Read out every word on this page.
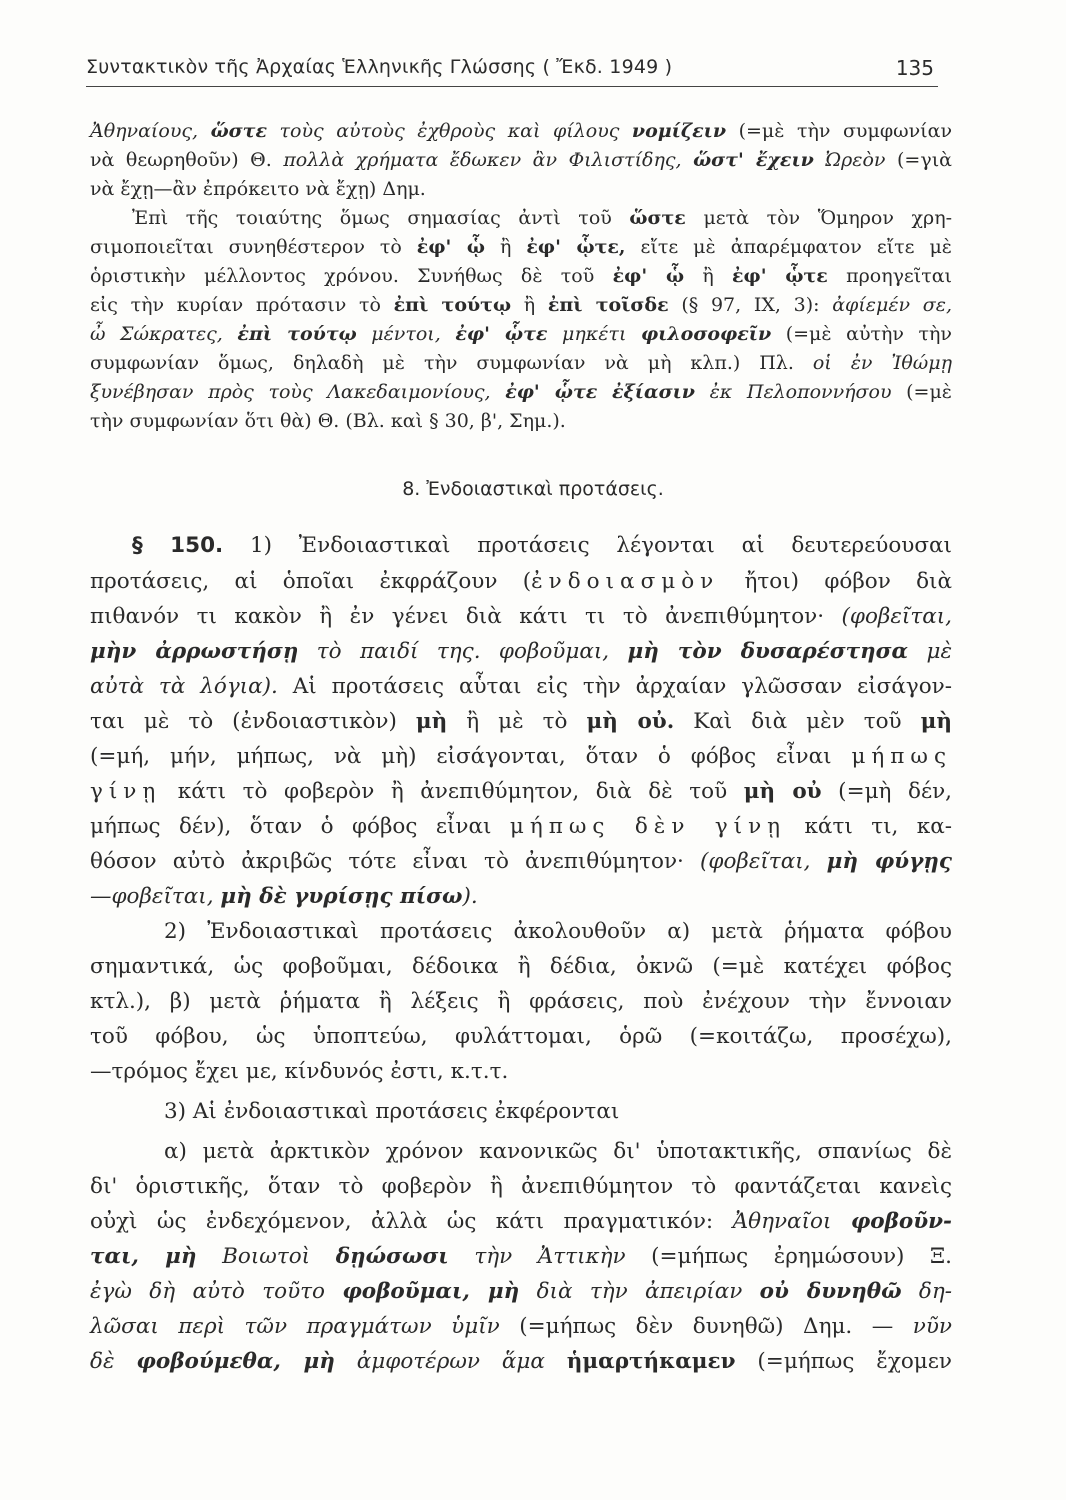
Συντακτικὸν τῆς Ἀρχαίας Ἑλληνικῆς Γλώσσης ( Ἔκδ. 1949 )	135
Ἀθηναίους, ὥστε τοὺς αὐτοὺς ἐχθροὺς καὶ φίλους νομίζειν (=μὲ τὴν συμφωνίαν
νὰ θεωρηθοῦν) Θ. πολλὰ χρήματα ἔδωκεν ἂν Φιλιστίδης, ὥστ' ἔχειν Ὠρεὸν (=γιὰ
νὰ ἔχῃ—ἂν ἐπρόκειτο νὰ ἔχῃ) Δημ.
Ἐπὶ τῆς τοιαύτης ὅμως σημασίας ἀντὶ τοῦ ὥστε μετὰ τὸν Ὅμηρον χρη-
σιμοποιεῖται συνηθέστερον τὸ ἐφ' ᾧ ἢ ἐφ' ᾧτε, εἴτε μὲ ἀπαρέμφατον εἴτε μὲ
ὁριστικὴν μέλλοντος χρόνου. Συνήθως δὲ τοῦ ἐφ' ᾧ ἢ ἐφ' ᾧτε προηγεῖται
εἰς τὴν κυρίαν πρότασιν τὸ ἐπὶ τούτῳ ἢ ἐπὶ τοῖσδε (§ 97, IX, 3): ἀφίεμέν σε,
ὦ Σώκρατες, ἐπὶ τούτῳ μέντοι, ἐφ' ᾧτε μηκέτι φιλοσοφεῖν (=μὲ αὐτὴν τὴν
συμφωνίαν ὅμως, δηλαδὴ μὲ τὴν συμφωνίαν νὰ μὴ κλπ.) Πλ. οἱ ἐν Ἰθώμῃ
ξυνέβησαν πρὸς τοὺς Λακεδαιμονίους, ἐφ' ᾧτε ἐξίασιν ἐκ Πελοποννήσου (=μὲ
τὴν συμφωνίαν ὅτι θὰ) Θ. (Βλ. καὶ § 30, β', Σημ.).
8. Ἐνδοιαστικαὶ προτάσεις.
§ 150. 1) Ἐνδοιαστικαὶ προτάσεις λέγονται αἱ δευτερεύουσαι
προτάσεις, αἱ ὁποῖαι ἐκφράζουν (ἐνδοιασμὸν ἤτοι) φόβον διὰ
πιθανόν τι κακὸν ἢ ἐν γένει διὰ κάτι τι τὸ ἀνεπιθύμητον· (φοβεῖται,
μὴν ἀρρωστήσῃ τὸ παιδί της. φοβοῦμαι, μὴ τὸν δυσαρέστησα μὲ
αὐτὰ τὰ λόγια). Αἱ προτάσεις αὗται εἰς τὴν ἀρχαίαν γλῶσσαν εἰσάγον-
ται μὲ τὸ (ἐνδοιαστικὸν) μὴ ἢ μὲ τὸ μὴ οὐ. Καὶ διὰ μὲν τοῦ μὴ
(=μή, μήν, μήπως, νὰ μὴ) εἰσάγονται, ὅταν ὁ φόβος εἶναι μήπως
γίνῃ κάτι τὸ φοβερὸν ἢ ἀνεπιθύμητον, διὰ δὲ τοῦ μὴ οὐ (=μὴ δέν,
μήπως δέν), ὅταν ὁ φόβος εἶναι μήπως δὲν γίνῃ κάτι τι, κα-
θόσον αὐτὸ ἀκριβῶς τότε εἶναι τὸ ἀνεπιθύμητον· (φοβεῖται, μὴ φύγῃς
—φοβεῖται, μὴ δὲ γυρίσῃς πίσω).
2) Ἐνδοιαστικαὶ προτάσεις ἀκολουθοῦν α) μετὰ ῥήματα φόβου
σημαντικά, ὡς φοβοῦμαι, δέδοικα ἢ δέδια, ὀκνῶ (=μὲ κατέχει φόβος
κτλ.), β) μετὰ ῥήματα ἢ λέξεις ἢ φράσεις, ποὺ ἐνέχουν τὴν ἔννοιαν
τοῦ φόβου, ὡς ὑποπτεύω, φυλάττομαι, ὁρῶ (=κοιτάζω, προσέχω),
—τρόμος ἔχει με, κίνδυνός ἐστι, κ.τ.τ.
3) Αἱ ἐνδοιαστικαὶ προτάσεις ἐκφέρονται
α) μετὰ ἀρκτικὸν χρόνον κανονικῶς δι' ὑποτακτικῆς, σπανίως δὲ
δι' ὁριστικῆς, ὅταν τὸ φοβερὸν ἢ ἀνεπιθύμητον τὸ φαντάζεται κανεὶς
οὐχὶ ὡς ἐνδεχόμενον, ἀλλὰ ὡς κάτι πραγματικόν: Ἀθηναῖοι φοβοῦν-
ται, μὴ Βοιωτοὶ δῃώσωσι τὴν Ἀττικὴν (=μήπως ἐρημώσουν) Ξ.
ἐγὼ δὴ αὐτὸ τοῦτο φοβοῦμαι, μὴ διὰ τὴν ἀπειρίαν οὐ δυνηθῶ δη-
λῶσαι περὶ τῶν πραγμάτων ὑμῖν (=μήπως δὲν δυνηθῶ) Δημ. — νῦν
δὲ φοβούμεθα, μὴ ἀμφοτέρων ἅμα ἡμαρτήκαμεν (=μήπως ἔχομεν
